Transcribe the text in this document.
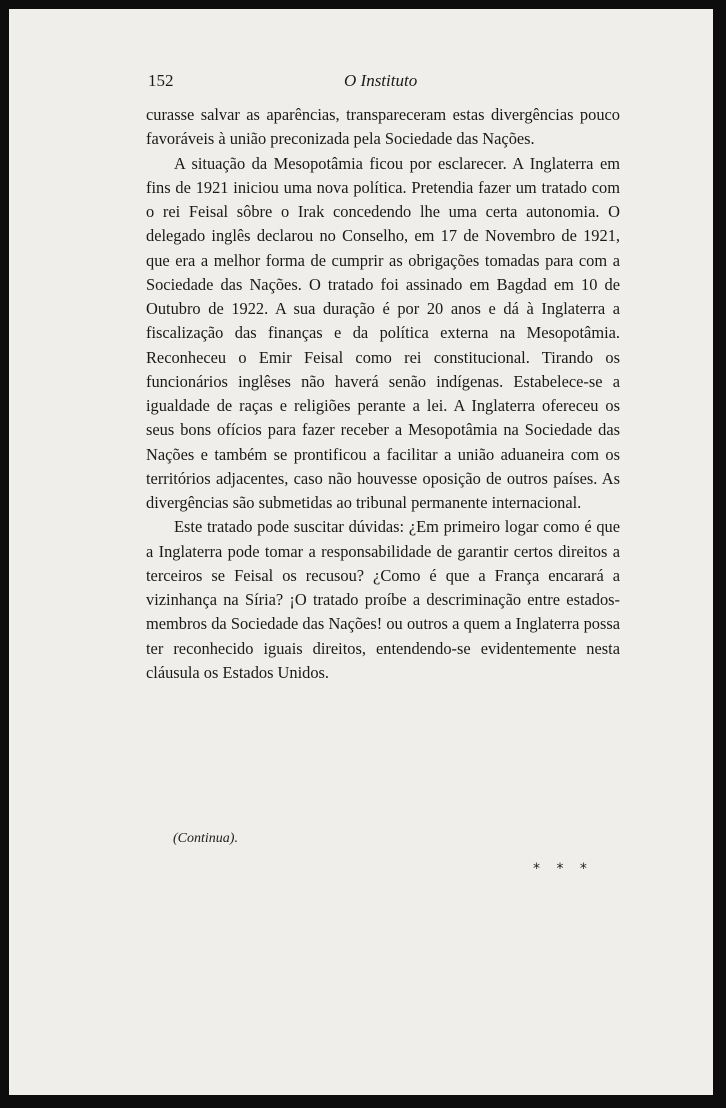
152	O Instituto

curasse salvar as aparências, transpareceram estas divergências pouco favoráveis à união preconizada pela Sociedade das Nações.

A situação da Mesopotâmia ficou por esclarecer. A Inglaterra em fins de 1921 iniciou uma nova política. Pretendia fazer um tratado com o rei Feisal sôbre o Irak concedendo lhe uma certa autonomia. O delegado inglês declarou no Conselho, em 17 de Novembro de 1921, que era a melhor forma de cumprir as obrigações tomadas para com a Sociedade das Nações. O tratado foi assinado em Bagdad em 10 de Outubro de 1922. A sua duração é por 20 anos e dá à Inglaterra a fiscalização das finanças e da política externa na Mesopotâmia. Reconheceu o Emir Feisal como rei constitucional. Tirando os funcionários inglêses não haverá senão indígenas. Estabelece-se a igualdade de raças e religiões perante a lei. A Inglaterra ofereceu os seus bons ofícios para fazer receber a Mesopotâmia na Sociedade das Nações e também se prontificou a facilitar a união aduaneira com os territórios adjacentes, caso não houvesse oposição de outros países. As divergências são submetidas ao tribunal permanente internacional.

Este tratado pode suscitar dúvidas: ¿Em primeiro logar como é que a Inglaterra pode tomar a responsabilidade de garantir certos direitos a terceiros se Feisal os recusou? ¿Como é que a França encarará a vizinhança na Síria? ¡O tratado proíbe a descriminação entre estados-membros da Sociedade das Nações! ou outros a quem a Inglaterra possa ter reconhecido iguais direitos, entendendo-se evidentemente nesta cláusula os Estados Unidos.

(Continua).
* * *
